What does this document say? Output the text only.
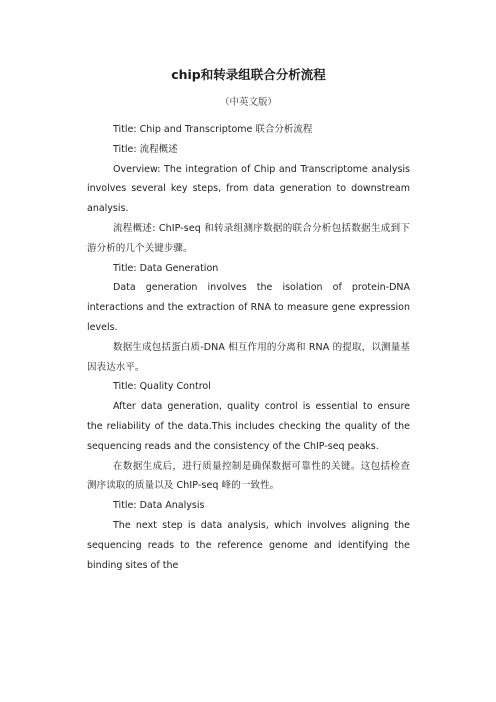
chip和转录组联合分析流程
（中英文版）

Title: Chip and Transcriptome 联合分析流程

Title: 流程概述

Overview: The integration of Chip and Transcriptome analysis involves several key steps, from data generation to downstream analysis.

流程概述: ChIP-seq 和转录组测序数据的联合分析包括数据生成到下游分析的几个关键步骤。

Title: Data Generation

Data generation involves the isolation of protein-DNA interactions and the extraction of RNA to measure gene expression levels.

数据生成包括蛋白质-DNA 相互作用的分离和 RNA 的提取，以测量基因表达水平。

Title: Quality Control

After data generation, quality control is essential to ensure the reliability of the data.This includes checking the quality of the sequencing reads and the consistency of the ChIP-seq peaks.

在数据生成后，进行质量控制是确保数据可靠性的关键。这包括检查测序读取的质量以及 ChIP-seq 峰的一致性。

Title: Data Analysis

The next step is data analysis, which involves aligning the sequencing reads to the reference genome and identifying the binding sites of the
